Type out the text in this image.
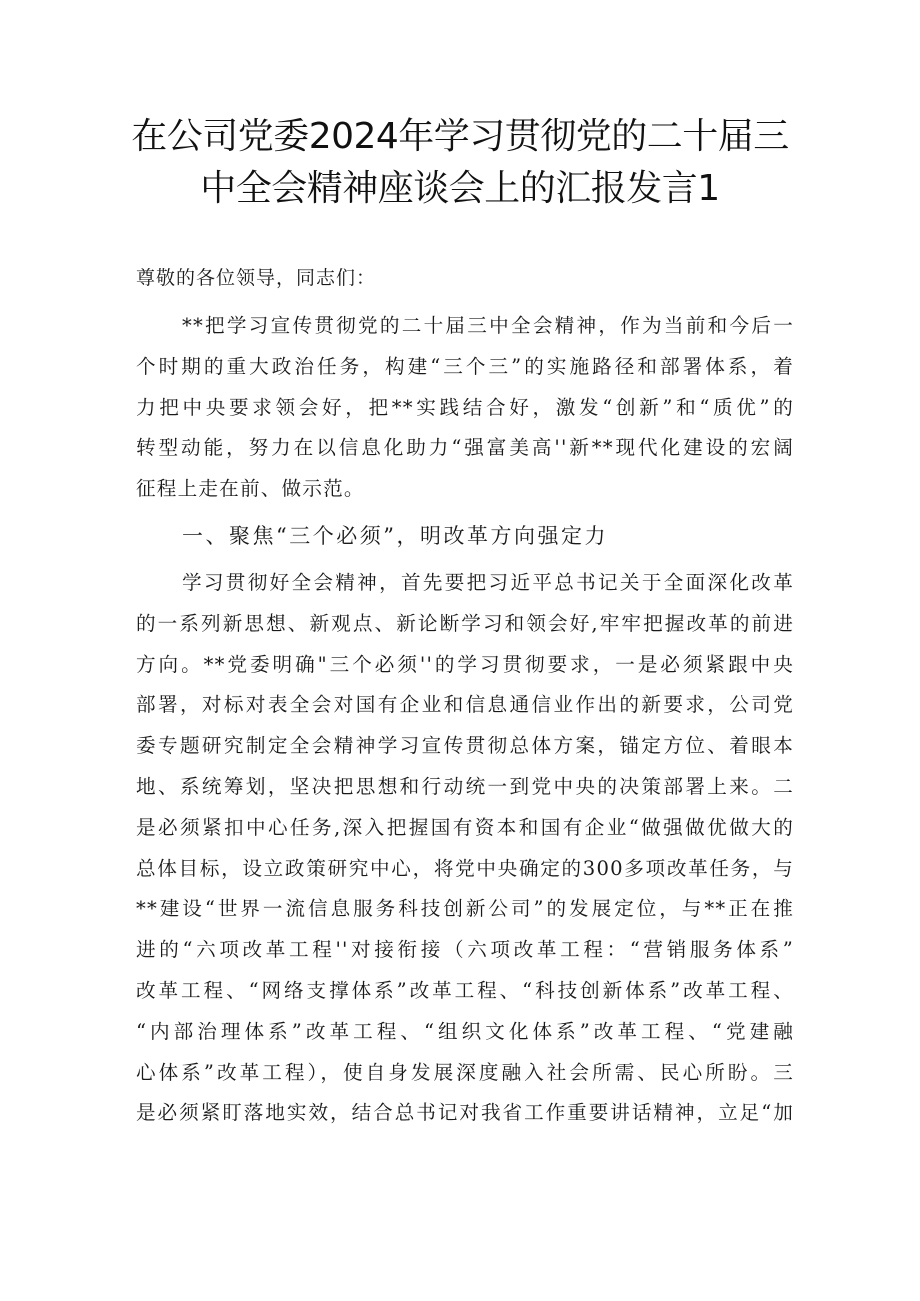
在公司党委2024年学习贯彻党的二十届三
中全会精神座谈会上的汇报发言1
尊敬的各位领导，同志们：
**把学习宣传贯彻党的二十届三中全会精神，作为当前和今后一
个时期的重大政治任务，构建“三个三”的实施路径和部署体系，着
力把中央要求领会好，把**实践结合好，激发“创新”和“质优”的
转型动能，努力在以信息化助力“强富美高''新**现代化建设的宏阔
征程上走在前、做示范。
一、聚焦“三个必须”，明改革方向强定力
学习贯彻好全会精神，首先要把习近平总书记关于全面深化改革
的一系列新思想、新观点、新论断学习和领会好,牢牢把握改革的前进
方向。**党委明确"三个必须''的学习贯彻要求，一是必须紧跟中央
部署，对标对表全会对国有企业和信息通信业作出的新要求，公司党
委专题研究制定全会精神学习宣传贯彻总体方案，锚定方位、着眼本
地、系统筹划，坚决把思想和行动统一到党中央的决策部署上来。二
是必须紧扣中心任务,深入把握国有资本和国有企业“做强做优做大的
总体目标，设立政策研究中心，将党中央确定的300多项改革任务，与
**建设“世界一流信息服务科技创新公司”的发展定位，与**正在推
进的“六项改革工程''对接衔接（六项改革工程：“营销服务体系”
改革工程、“网络支撑体系”改革工程、“科技创新体系”改革工程、
“内部治理体系”改革工程、“组织文化体系”改革工程、“党建融
心体系”改革工程），使自身发展深度融入社会所需、民心所盼。三
是必须紧盯落地实效，结合总书记对我省工作重要讲话精神，立足“加
